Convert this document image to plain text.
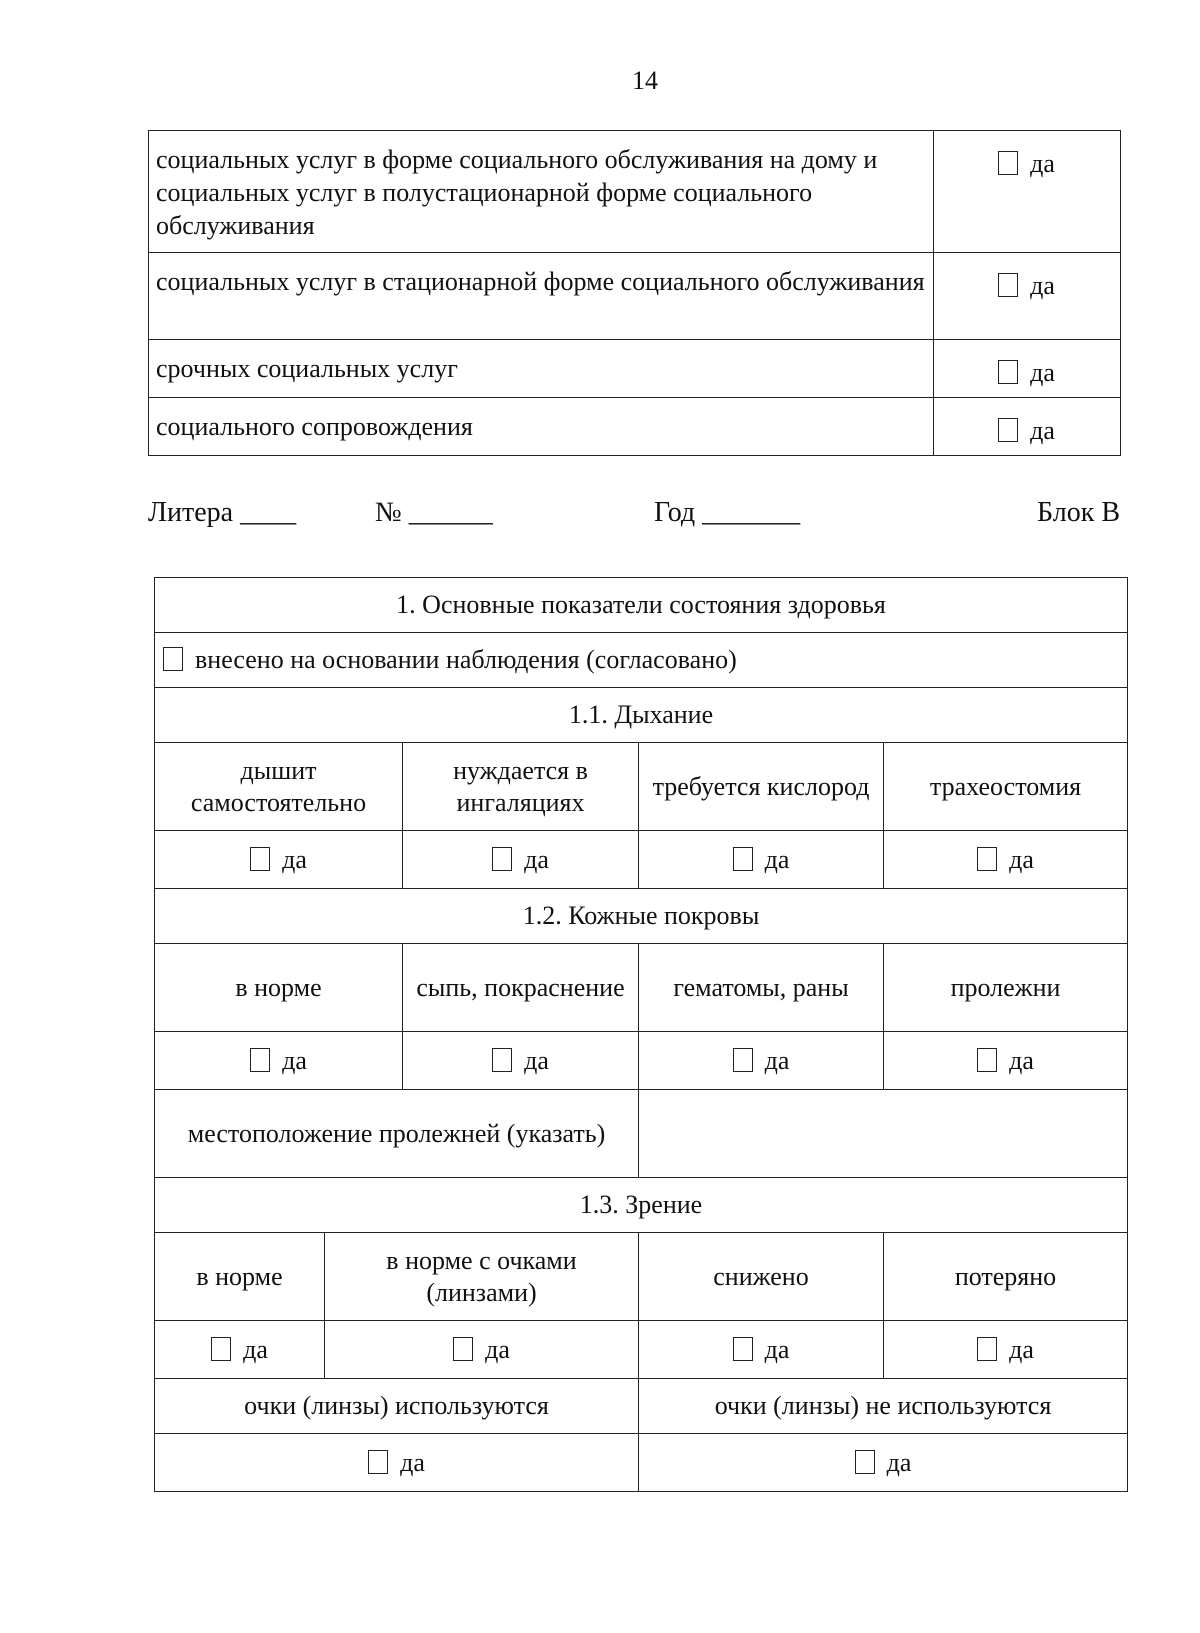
14
социальных услуг в форме социального обслуживания на дому и социальных услуг в полустационарной форме социального обслуживания	да
социальных услуг в стационарной форме социального обслуживания	да
срочных социальных услуг	да
социального сопровождения	да
Литера ____	№ ______	Год _______	Блок В
1. Основные показатели состояния здоровья				
внесено на основании наблюдения (согласовано)				
1.1. Дыхание				
дышит самостоятельно		нуждается в ингаляциях	требуется кислород	трахеостомия
да		да	да	да
1.2. Кожные покровы				
в норме		сыпь, покраснение	гематомы, раны	пролежни
да		да	да	да
местоположение пролежней (указать)				
1.3. Зрение				
в норме	в норме с очками (линзами)		снижено	потеряно
да	да		да	да
очки (линзы) используются			очки (линзы) не используются	
да			да	
